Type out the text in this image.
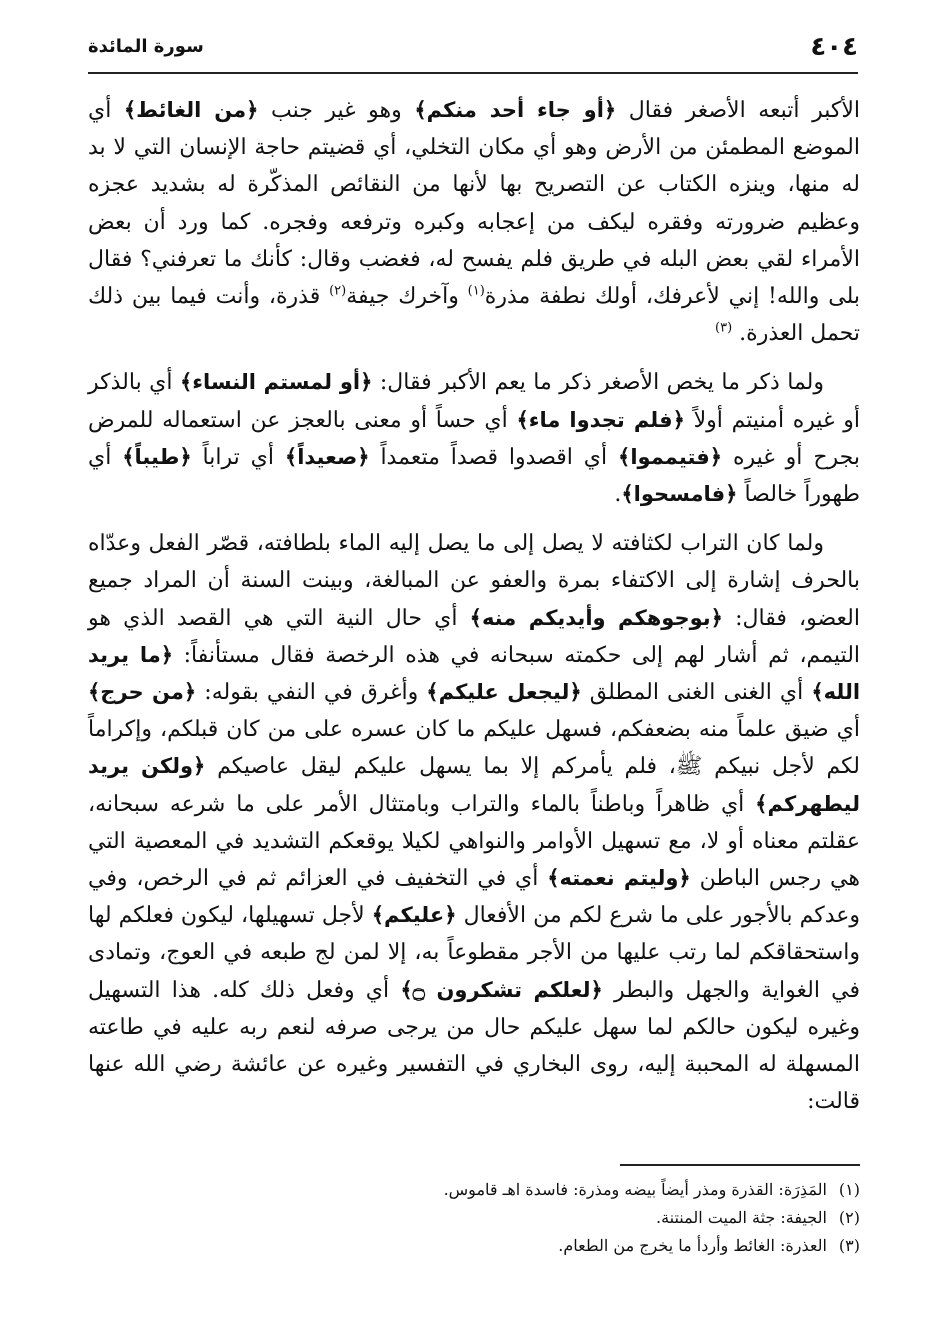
٤٠٤
سورة المائدة

الأكبر أتبعه الأصغر فقال ﴿أو جاء أحد منكم﴾ وهو غير جنب ﴿من الغائط﴾ أي الموضع المطمئن من الأرض وهو أي مكان التخلي، أي قضيتم حاجة الإنسان التي لا بد له منها، وينزه الكتاب عن التصريح بها لأنها من النقائص المذكّرة له بشديد عجزه وعظيم ضرورته وفقره ليكف من إعجابه وكبره وترفعه وفجره. كما ورد أن بعض الأمراء لقي بعض البله في طريق فلم يفسح له، فغضب وقال: كأنك ما تعرفني؟ فقال بلى والله! إني لأعرفك، أولك نطفة مذرة$^{(١)}$ وآخرك جيفة$^{(٢)}$ قذرة، وأنت فيما بين ذلك تحمل العذرة. $^{(٣)}$

ولما ذكر ما يخص الأصغر ذكر ما يعم الأكبر فقال: ﴿أو لمستم النساء﴾ أي بالذكر أو غيره أمنيتم أولاً ﴿فلم تجدوا ماء﴾ أي حساً أو معنى بالعجز عن استعماله للمرض بجرح أو غيره ﴿فتيمموا﴾ أي اقصدوا قصداً متعمداً ﴿صعيداً﴾ أي تراباً ﴿طيباً﴾ أي طهوراً خالصاً ﴿فامسحوا﴾.

ولما كان التراب لكثافته لا يصل إلى ما يصل إليه الماء بلطافته، قصّر الفعل وعدّاه بالحرف إشارة إلى الاكتفاء بمرة والعفو عن المبالغة، وبينت السنة أن المراد جميع العضو، فقال: ﴿بوجوهكم وأيديكم منه﴾ أي حال النية التي هي القصد الذي هو التيمم، ثم أشار لهم إلى حكمته سبحانه في هذه الرخصة فقال مستأنفاً: ﴿ما يريد الله﴾ أي الغنى الغنى المطلق ﴿ليجعل عليكم﴾ وأغرق في النفي بقوله: ﴿من حرج﴾ أي ضيق علماً منه بضعفكم، فسهل عليكم ما كان عسره على من كان قبلكم، وإكراماً لكم لأجل نبيكم ﷺ، فلم يأمركم إلا بما يسهل عليكم ليقل عاصيكم ﴿ولكن يريد ليطهركم﴾ أي ظاهراً وباطناً بالماء والتراب وبامتثال الأمر على ما شرعه سبحانه، عقلتم معناه أو لا، مع تسهيل الأوامر والنواهي لكيلا يوقعكم التشديد في المعصية التي هي رجس الباطن ﴿وليتم نعمته﴾ أي في التخفيف في العزائم ثم في الرخص، وفي وعدكم بالأجور على ما شرع لكم من الأفعال ﴿عليكم﴾ لأجل تسهيلها، ليكون فعلكم لها واستحقاقكم لما رتب عليها من الأجر مقطوعاً به، إلا لمن لج طبعه في العوج، وتمادى في الغواية والجهل والبطر ﴿لعلكم تشكرون ۝﴾ أي وفعل ذلك كله. هذا التسهيل وغيره ليكون حالكم لما سهل عليكم حال من يرجى صرفه لنعم ربه عليه في طاعته المسهلة له المحببة إليه، روى البخاري في التفسير وغيره عن عائشة رضي الله عنها قالت:

(١) المَذِرَة: القذرة ومذر أيضاً بيضه ومذرة: فاسدة اهـ قاموس.
(٢) الجيفة: جثة الميت المنتنة.
(٣) العذرة: الغائط وأردأ ما يخرج من الطعام.
